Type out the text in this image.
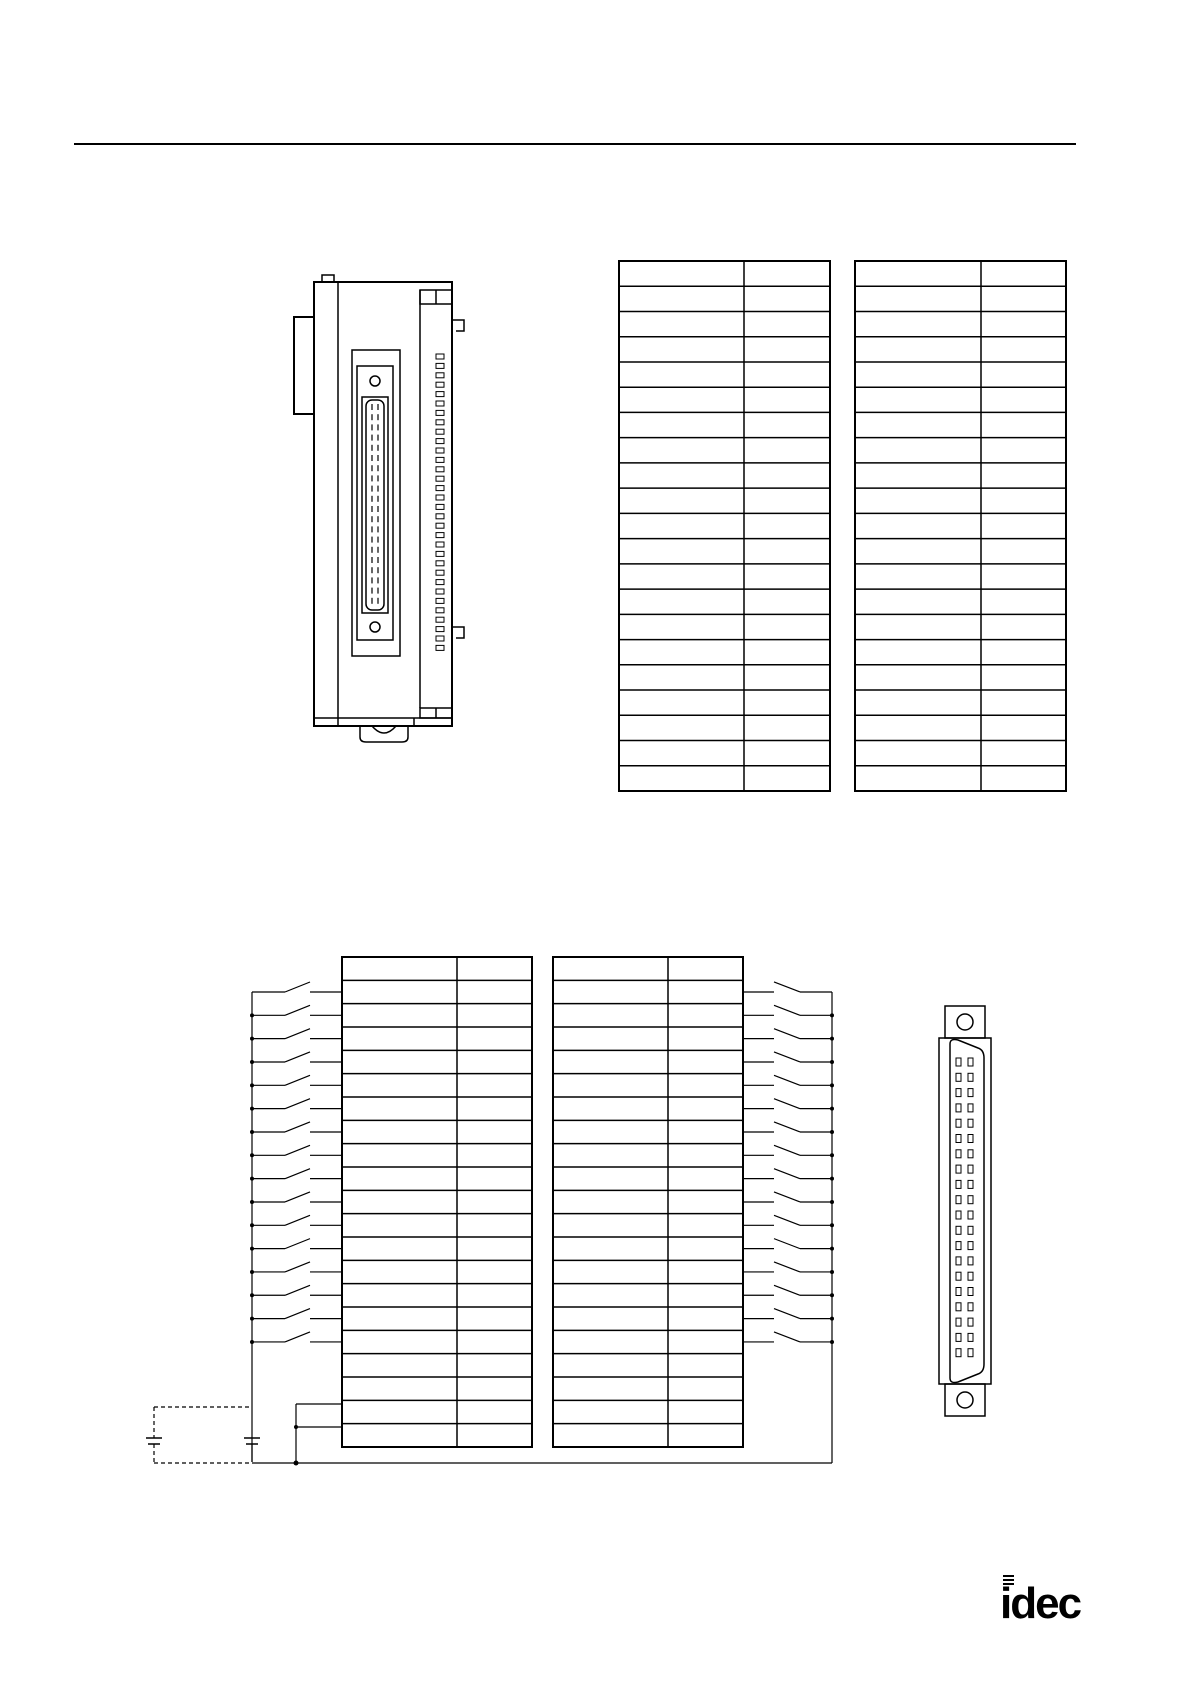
idec
